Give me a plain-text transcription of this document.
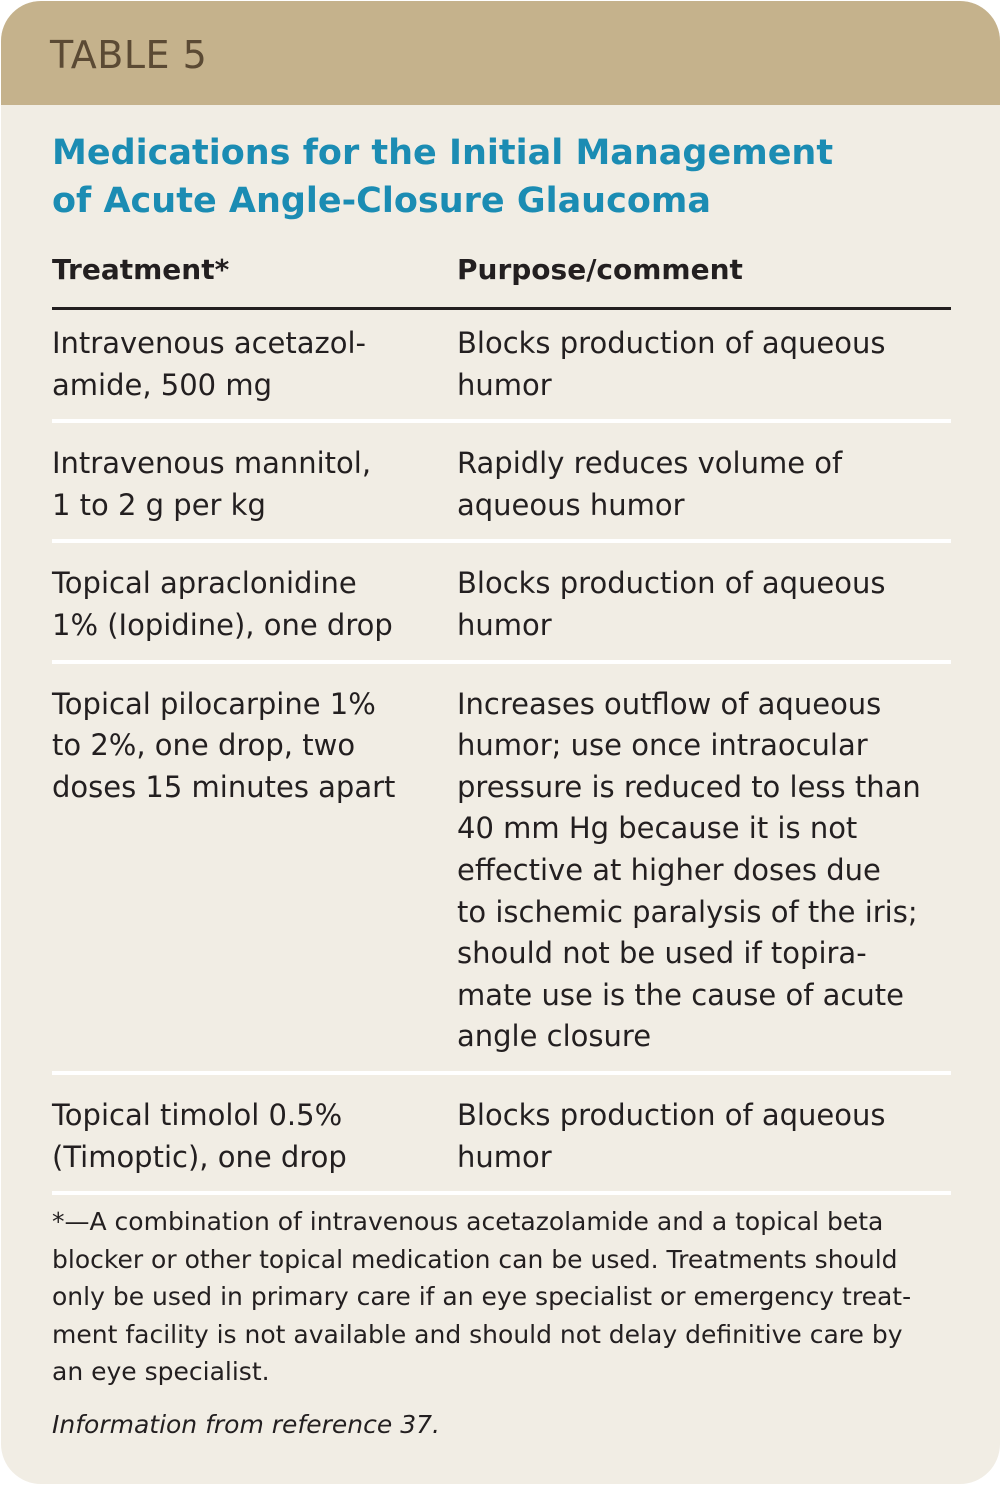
TABLE 5
Medications for the Initial Management
of Acute Angle-Closure Glaucoma
Treatment*	Purpose/comment
Intravenous acetazol-
amide, 500 mg
Blocks production of aqueous
humor
Intravenous mannitol,
1 to 2 g per kg
Rapidly reduces volume of
aqueous humor
Topical apraclonidine
1% (Iopidine), one drop
Blocks production of aqueous
humor
Topical pilocarpine 1%
to 2%, one drop, two
doses 15 minutes apart
Increases outflow of aqueous
humor; use once intraocular
pressure is reduced to less than
40 mm Hg because it is not
effective at higher doses due
to ischemic paralysis of the iris;
should not be used if topira-
mate use is the cause of acute
angle closure
Topical timolol 0.5%
(Timoptic), one drop
Blocks production of aqueous
humor
*—A combination of intravenous acetazolamide and a topical beta
blocker or other topical medication can be used. Treatments should
only be used in primary care if an eye specialist or emergency treat-
ment facility is not available and should not delay definitive care by
an eye specialist.
Information from reference 37.
